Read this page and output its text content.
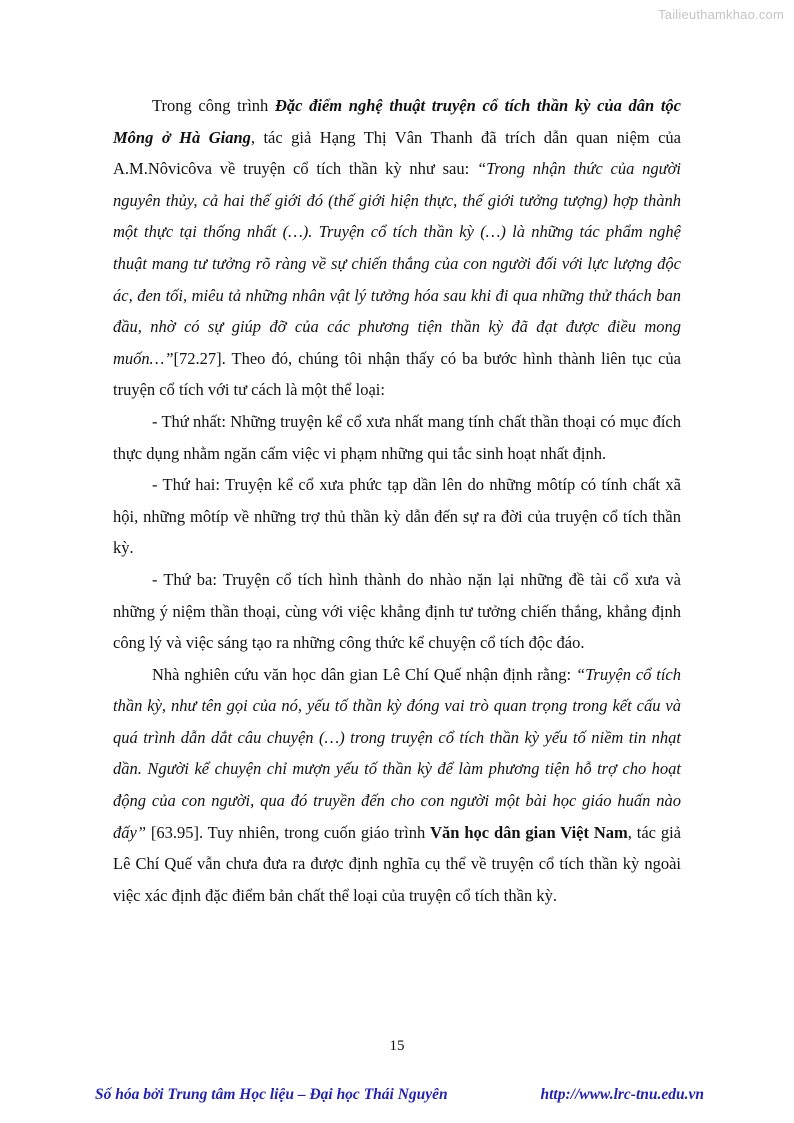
Tailieuthamkhao.com

Trong công trình Đặc điểm nghệ thuật truyện cổ tích thần kỳ của dân tộc Mông ở Hà Giang, tác giả Hạng Thị Vân Thanh đã trích dẫn quan niệm của A.M.Nôvicôva về truyện cổ tích thần kỳ như sau: “Trong nhận thức của người nguyên thủy, cả hai thế giới đó (thế giới hiện thực, thế giới tưởng tượng) hợp thành một thực tại thống nhất (…). Truyện cổ tích thần kỳ (…) là những tác phẩm nghệ thuật mang tư tưởng rõ ràng về sự chiến thắng của con người đối với lực lượng độc ác, đen tối, miêu tả những nhân vật lý tưởng hóa sau khi đi qua những thử thách ban đầu, nhờ có sự giúp đỡ của các phương tiện thần kỳ đã đạt được điều mong muốn…”[72.27]. Theo đó, chúng tôi nhận thấy có ba bước hình thành liên tục của truyện cổ tích với tư cách là một thể loại:

- Thứ nhất: Những truyện kể cổ xưa nhất mang tính chất thần thoại có mục đích thực dụng nhằm ngăn cấm việc vi phạm những qui tắc sinh hoạt nhất định.

- Thứ hai: Truyện kể cổ xưa phức tạp dần lên do những môtíp có tính chất xã hội, những môtíp về những trợ thủ thần kỳ dẫn đến sự ra đời của truyện cổ tích thần kỳ.

- Thứ ba: Truyện cổ tích hình thành do nhào nặn lại những đề tài cổ xưa và những ý niệm thần thoại, cùng với việc khẳng định tư tưởng chiến thắng, khẳng định công lý và việc sáng tạo ra những công thức kể chuyện cổ tích độc đáo.

Nhà nghiên cứu văn học dân gian Lê Chí Quế nhận định rằng: “Truyện cổ tích thần kỳ, như tên gọi của nó, yếu tố thần kỳ đóng vai trò quan trọng trong kết cấu và quá trình dẫn dắt câu chuyện (…) trong truyện cổ tích thần kỳ yếu tố niềm tin nhạt dần. Người kể chuyện chỉ mượn yếu tố thần kỳ để làm phương tiện hỗ trợ cho hoạt động của con người, qua đó truyền đến cho con người một bài học giáo huấn nào đấy” [63.95]. Tuy nhiên, trong cuốn giáo trình Văn học dân gian Việt Nam, tác giả Lê Chí Quế vẫn chưa đưa ra được định nghĩa cụ thể về truyện cổ tích thần kỳ ngoài việc xác định đặc điểm bản chất thể loại của truyện cổ tích thần kỳ.

15
Số hóa bởi Trung tâm Học liệu – Đại học Thái Nguyên	http://www.lrc-tnu.edu.vn
